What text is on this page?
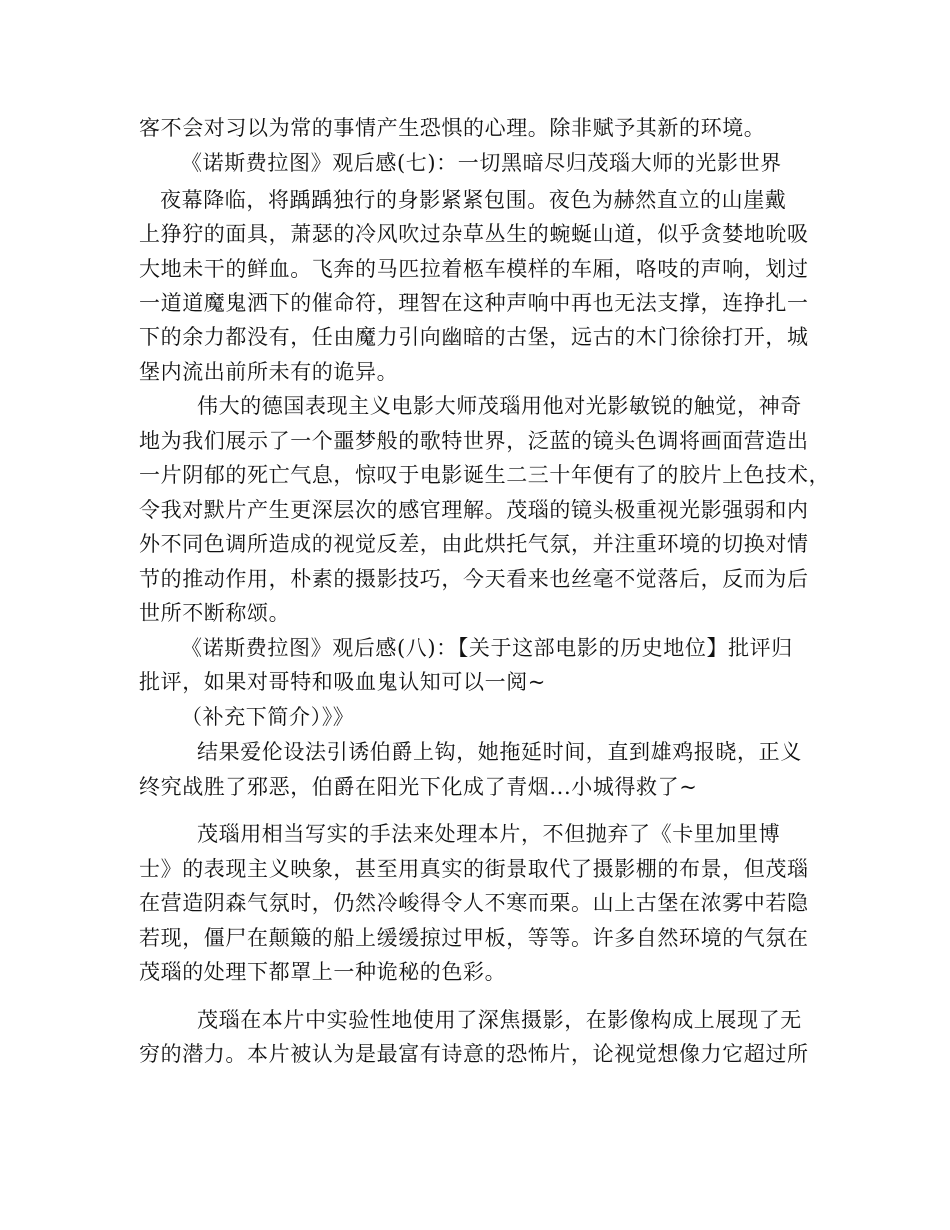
客不会对习以为常的事情产生恐惧的心理。除非赋予其新的环境。
《诺斯费拉图》观后感(七)：一切黑暗尽归茂瑙大师的光影世界
夜幕降临，将踽踽独行的身影紧紧包围。夜色为赫然直立的山崖戴
上狰狞的面具，萧瑟的冷风吹过杂草丛生的蜿蜒山道，似乎贪婪地吮吸
大地未干的鲜血。飞奔的马匹拉着柩车模样的车厢，咯吱的声响，划过
一道道魔鬼洒下的催命符，理智在这种声响中再也无法支撑，连挣扎一
下的余力都没有，任由魔力引向幽暗的古堡，远古的木门徐徐打开，城
堡内流出前所未有的诡异。
伟大的德国表现主义电影大师茂瑙用他对光影敏锐的触觉，神奇
地为我们展示了一个噩梦般的歌特世界，泛蓝的镜头色调将画面营造出
一片阴郁的死亡气息，惊叹于电影诞生二三十年便有了的胶片上色技术，
令我对默片产生更深层次的感官理解。茂瑙的镜头极重视光影强弱和内
外不同色调所造成的视觉反差，由此烘托气氛，并注重环境的切换对情
节的推动作用，朴素的摄影技巧，今天看来也丝毫不觉落后，反而为后
世所不断称颂。
《诺斯费拉图》观后感(八)：【关于这部电影的历史地位】批评归
批评，如果对哥特和吸血鬼认知可以一阅~
（补充下简介）》》
结果爱伦设法引诱伯爵上钩，她拖延时间，直到雄鸡报晓，正义
终究战胜了邪恶，伯爵在阳光下化成了青烟...小城得救了~
茂瑙用相当写实的手法来处理本片，不但抛弃了《卡里加里博
士》的表现主义映象，甚至用真实的街景取代了摄影棚的布景，但茂瑙
在营造阴森气氛时，仍然冷峻得令人不寒而栗。山上古堡在浓雾中若隐
若现，僵尸在颠簸的船上缓缓掠过甲板，等等。许多自然环境的气氛在
茂瑙的处理下都罩上一种诡秘的色彩。
茂瑙在本片中实验性地使用了深焦摄影，在影像构成上展现了无
穷的潜力。本片被认为是最富有诗意的恐怖片，论视觉想像力它超过所
